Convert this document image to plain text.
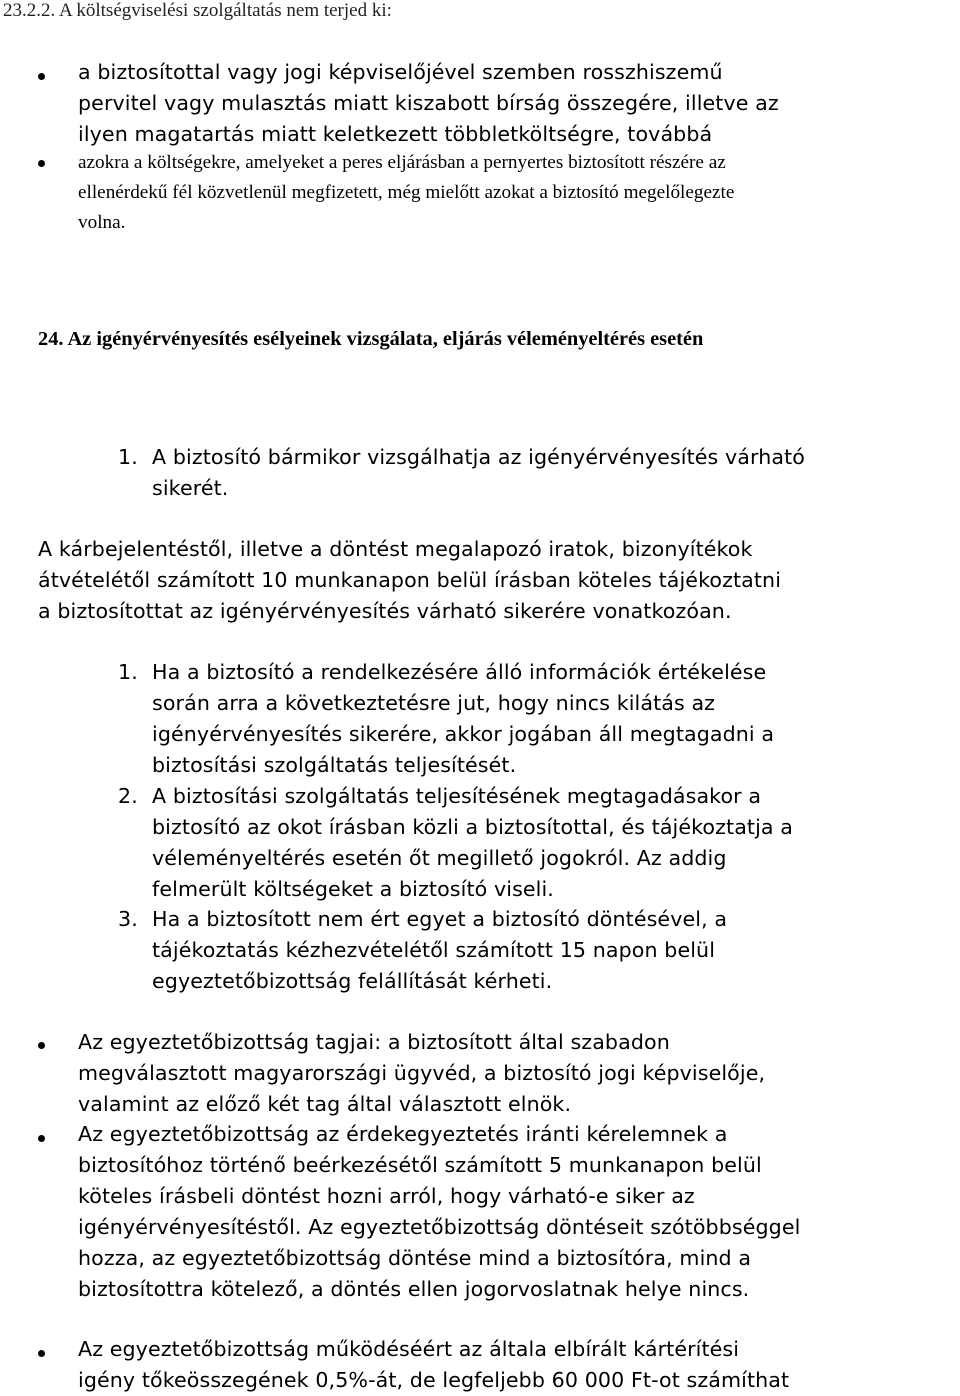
23.2.2. A költségviselési szolgáltatás nem terjed ki:
a biztosítottal vagy jogi képviselőjével szemben rosszhiszemű
pervitel vagy mulasztás miatt kiszabott bírság összegére, illetve az
ilyen magatartás miatt keletkezett többletköltségre, továbbá
azokra a költségekre, amelyeket a peres eljárásban a pernyertes biztosított részére az
ellenérdekű fél közvetlenül megfizetett, még mielőtt azokat a biztosító megelőlegezte
volna.
24. Az igényérvényesítés esélyeinek vizsgálata, eljárás véleményeltérés esetén
1. A biztosító bármikor vizsgálhatja az igényérvényesítés várható
sikerét.
A kárbejelentéstől, illetve a döntést megalapozó iratok, bizonyítékok
átvételétől számított 10 munkanapon belül írásban köteles tájékoztatni
a biztosítottat az igényérvényesítés várható sikerére vonatkozóan.
1. Ha a biztosító a rendelkezésére álló információk értékelése
során arra a következtetésre jut, hogy nincs kilátás az
igényérvényesítés sikerére, akkor jogában áll megtagadni a
biztosítási szolgáltatás teljesítését.
2. A biztosítási szolgáltatás teljesítésének megtagadásakor a
biztosító az okot írásban közli a biztosítottal, és tájékoztatja a
véleményeltérés esetén őt megillető jogokról. Az addig
felmerült költségeket a biztosító viseli.
3. Ha a biztosított nem ért egyet a biztosító döntésével, a
tájékoztatás kézhezvételétől számított 15 napon belül
egyeztetőbizottság felállítását kérheti.
Az egyeztetőbizottság tagjai: a biztosított által szabadon
megválasztott magyarországi ügyvéd, a biztosító jogi képviselője,
valamint az előző két tag által választott elnök.
Az egyeztetőbizottság az érdekegyeztetés iránti kérelemnek a
biztosítóhoz történő beérkezésétől számított 5 munkanapon belül
köteles írásbeli döntést hozni arról, hogy várható-e siker az
igényérvényesítéstől. Az egyeztetőbizottság döntéseit szótöbbséggel
hozza, az egyeztetőbizottság döntése mind a biztosítóra, mind a
biztosítottra kötelező, a döntés ellen jogorvoslatnak helye nincs.
Az egyeztetőbizottság működéséért az általa elbírált kártérítési
igény tőkeösszegének 0,5%-át, de legfeljebb 60 000 Ft-ot számíthat
